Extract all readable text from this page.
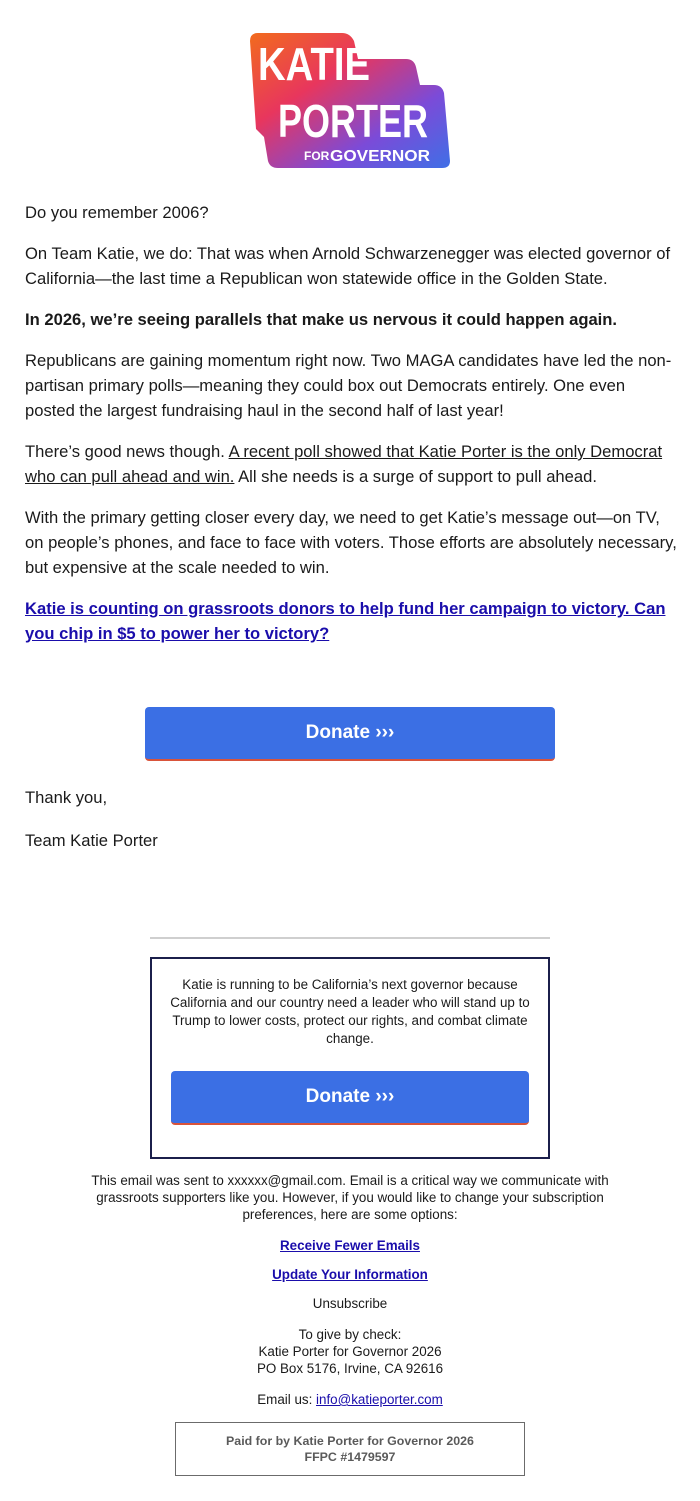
KATIE
PORTER
FOR GOVERNOR

Do you remember 2006?

On Team Katie, we do: That was when Arnold Schwarzenegger was elected governor of California—the last time a Republican won statewide office in the Golden State.

In 2026, we’re seeing parallels that make us nervous it could happen again.

Republicans are gaining momentum right now. Two MAGA candidates have led the non-partisan primary polls—meaning they could box out Democrats entirely. One even posted the largest fundraising haul in the second half of last year!

There’s good news though. A recent poll showed that Katie Porter is the only Democrat who can pull ahead and win. All she needs is a surge of support to pull ahead.

With the primary getting closer every day, we need to get Katie’s message out—on TV, on people’s phones, and face to face with voters. Those efforts are absolutely necessary, but expensive at the scale needed to win.

Katie is counting on grassroots donors to help fund her campaign to victory. Can you chip in $5 to power her to victory?

Donate ›››
Thank you,
Team Katie Porter
Katie is running to be California’s next governor because California and our country need a leader who will stand up to Trump to lower costs, protect our rights, and combat climate change.
Donate ›››
This email was sent to xxxxxx@gmail.com. Email is a critical way we communicate with grassroots supporters like you. However, if you would like to change your subscription preferences, here are some options:
Receive Fewer Emails
Update Your Information
Unsubscribe
To give by check:
Katie Porter for Governor 2026
PO Box 5176, Irvine, CA 92616
Email us: info@katieporter.com
Paid for by Katie Porter for Governor 2026
FFPC #1479597
